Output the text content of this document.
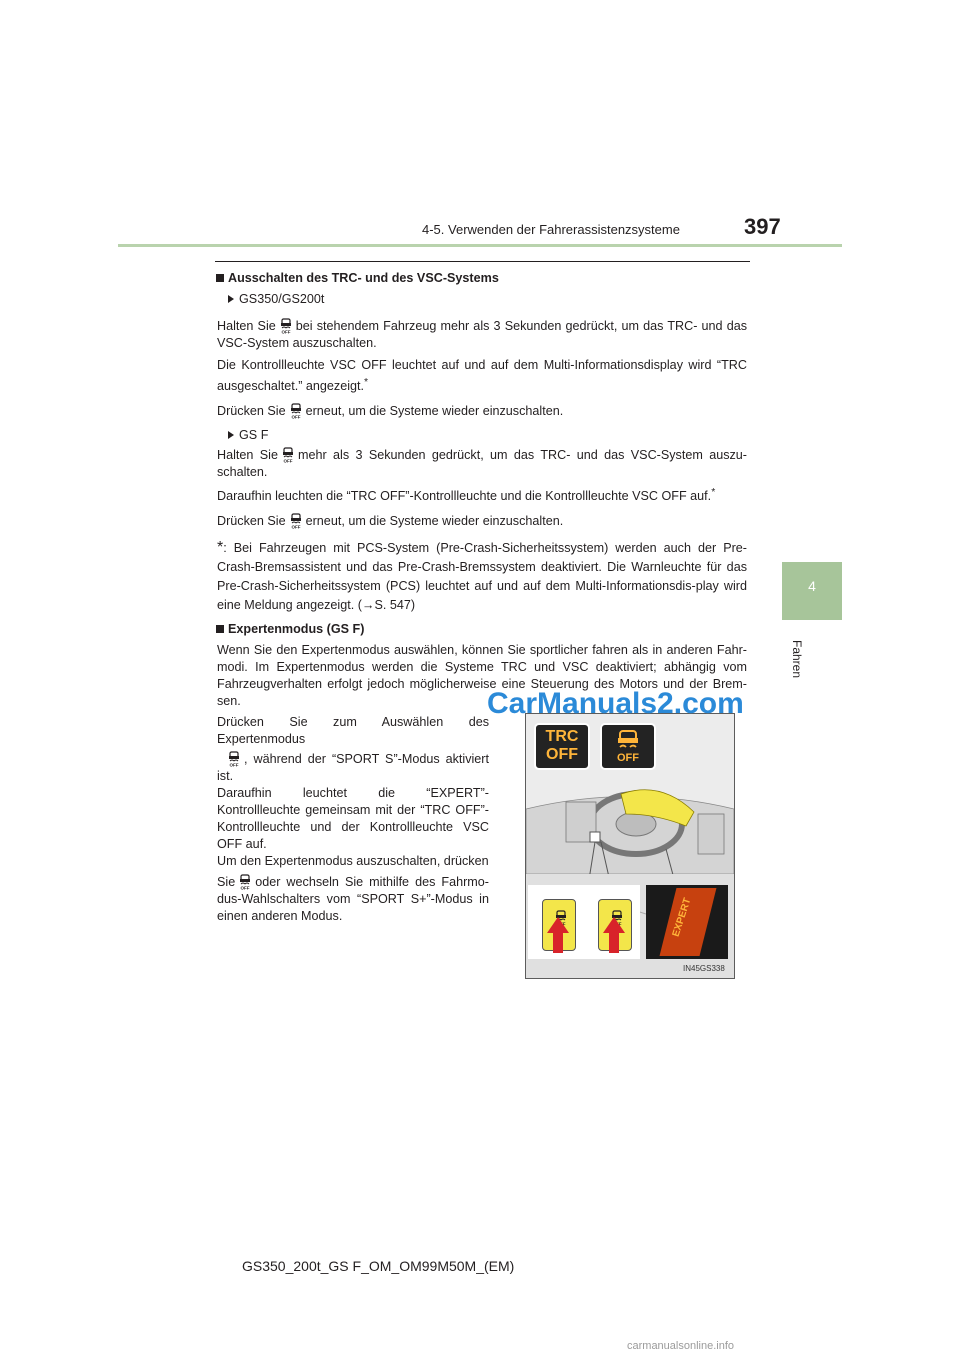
4-5. Verwenden der Fahrerassistenzsysteme	397
4
Fahren
Ausschalten des TRC- und des VSC-Systems
GS350/GS200t
Halten Sie OFF bei stehendem Fahrzeug mehr als 3 Sekunden gedrückt, um das TRC- und das VSC-System auszuschalten.
Die Kontrollleuchte VSC OFF leuchtet auf und auf dem Multi-Informationsdisplay wird “TRC ausgeschaltet.” angezeigt.*
Drücken Sie OFF erneut, um die Systeme wieder einzuschalten.
GS F
Halten Sie OFF mehr als 3 Sekunden gedrückt, um das TRC- und das VSC-System auszu-schalten.
Daraufhin leuchten die “TRC OFF”-Kontrollleuchte und die Kontrollleuchte VSC OFF auf.*
Drücken Sie OFF erneut, um die Systeme wieder einzuschalten.
*: Bei Fahrzeugen mit PCS-System (Pre-Crash-Sicherheitssystem) werden auch der Pre-Crash-Bremsassistent und das Pre-Crash-Bremssystem deaktiviert. Die Warnleuchte für das Pre-Crash-Sicherheitssystem (PCS) leuchtet auf und auf dem Multi-Informationsdis-play wird eine Meldung angezeigt. (→S. 547)
Expertenmodus (GS F)
Wenn Sie den Expertenmodus auswählen, können Sie sportlicher fahren als in anderen Fahr-modi. Im Expertenmodus werden die Systeme TRC und VSC deaktiviert; abhängig vom Fahrzeugverhalten erfolgt jedoch möglicherweise eine Steuerung des Motors und der Brem-sen.
Drücken Sie zum Auswählen des Expertenmodus
OFF , während der “SPORT S”-Modus aktiviert ist.
Daraufhin leuchtet die “EXPERT”-Kontrollleuchte gemeinsam mit der “TRC OFF”-Kontrollleuchte und der Kontrollleuchte VSC OFF auf.
Um den Expertenmodus auszuschalten, drücken
Sie OFF oder wechseln Sie mithilfe des Fahrmo-dus-Wahlschalters vom “SPORT S+”-Modus in einen anderen Modus.
TRC
OFF	OFF
OFF	OFF	EXPERT
IN45GS338
GS350_200t_GS F_OM_OM99M50M_(EM)
CarManuals2.com
carmanualsonline.info
